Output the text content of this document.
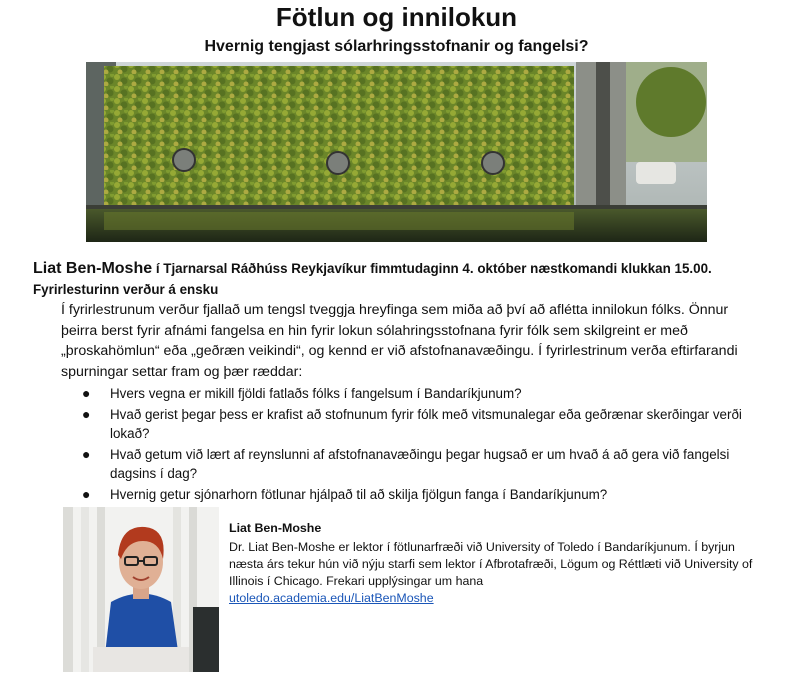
Fötlun og innilokun
Hvernig tengjast sólarhringsstofnanir og fangelsi?
Liat Ben-Moshe í Tjarnarsal Ráðhúss Reykjavíkur fimmtudaginn 4. október næstkomandi klukkan 15.00. Fyrirlesturinn verður á ensku
Í fyrirlestrunum verður fjallað um tengsl tveggja hreyfinga sem miða að því að aflétta innilokun fólks. Önnur þeirra berst fyrir afnámi fangelsa en hin fyrir lokun sólahringsstofnana fyrir fólk sem skilgreint er með „þroskahömlun“ eða „geðræn veikindi“, og kennd er við afstofnanavæðingu. Í fyrirlestrinum verða eftirfarandi spurningar settar fram og þær ræddar:
● Hvers vegna er mikill fjöldi fatlaðs fólks í fangelsum í Bandaríkjunum?
● Hvað gerist þegar þess er krafist að stofnunum fyrir fólk með vitsmunalegar eða geðrænar skerðingar verði lokað?
● Hvað getum við lært af reynslunni af afstofnanavæðingu þegar hugsað er um hvað á að gera við fangelsi dagsins í dag?
● Hvernig getur sjónarhorn fötlunar hjálpað til að skilja fjölgun fanga í Bandaríkjunum?
Liat Ben-Moshe
Dr. Liat Ben-Moshe er lektor í fötlunarfræði við University of Toledo í Bandaríkjunum. Í byrjun næsta árs tekur hún við nýju starfi sem lektor í Afbrotafræði, Lögum og Réttlæti við University of Illinois í Chicago. Frekari upplýsingar um hana
utoledo.academia.edu/LiatBenMoshe
